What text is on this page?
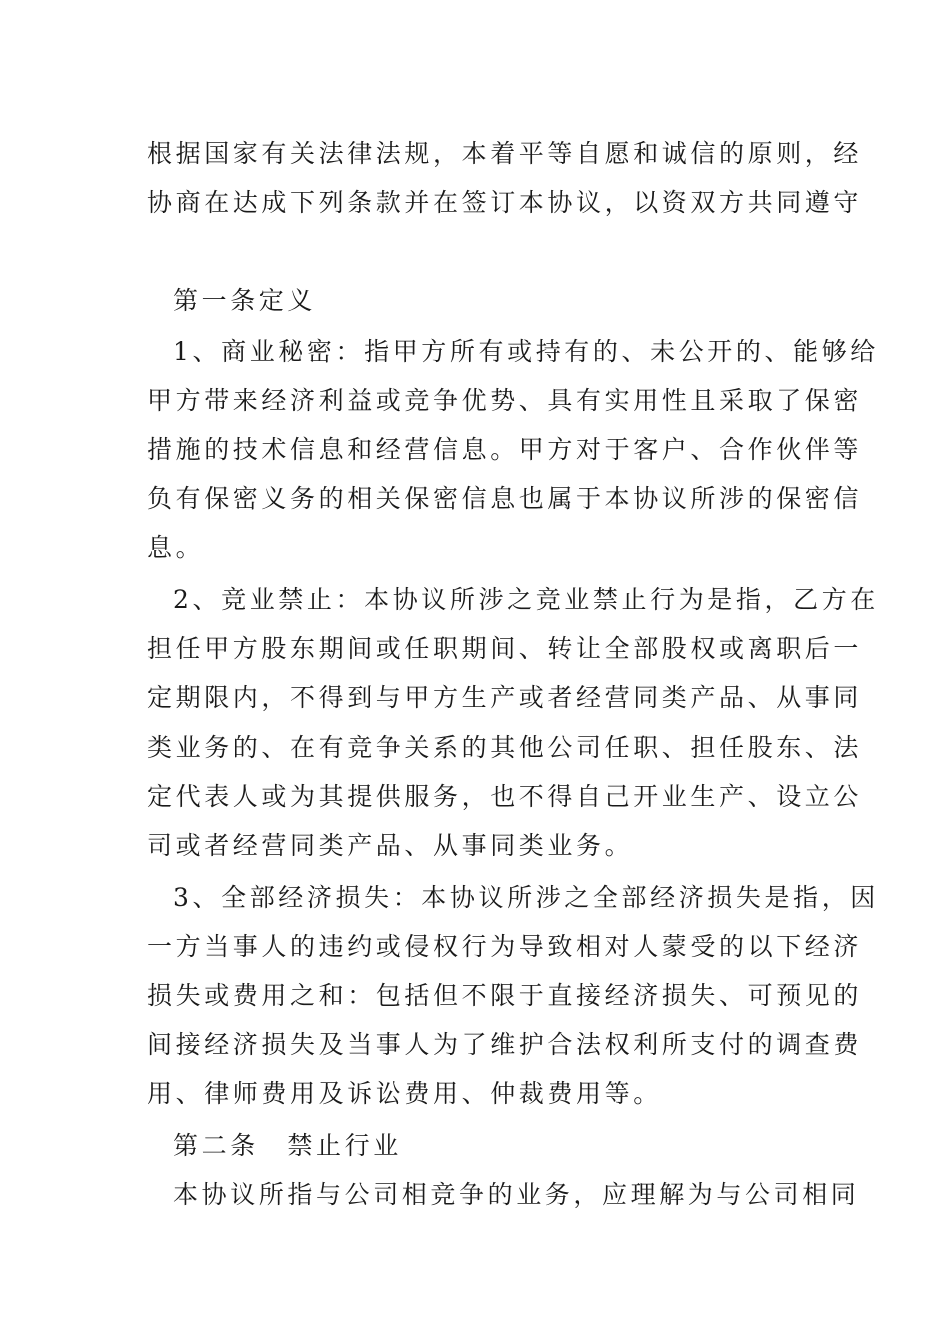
根据国家有关法律法规，本着平等自愿和诚信的原则，经
协商在达成下列条款并在签订本协议，以资双方共同遵守
第一条定义
1、商业秘密：指甲方所有或持有的、未公开的、能够给
甲方带来经济利益或竞争优势、具有实用性且采取了保密
措施的技术信息和经营信息。甲方对于客户、合作伙伴等
负有保密义务的相关保密信息也属于本协议所涉的保密信
息。
2、竞业禁止：本协议所涉之竞业禁止行为是指，乙方在
担任甲方股东期间或任职期间、转让全部股权或离职后一
定期限内，不得到与甲方生产或者经营同类产品、从事同
类业务的、在有竞争关系的其他公司任职、担任股东、法
定代表人或为其提供服务，也不得自己开业生产、设立公
司或者经营同类产品、从事同类业务。
3、全部经济损失：本协议所涉之全部经济损失是指，因
一方当事人的违约或侵权行为导致相对人蒙受的以下经济
损失或费用之和：包括但不限于直接经济损失、可预见的
间接经济损失及当事人为了维护合法权利所支付的调查费
用、律师费用及诉讼费用、仲裁费用等。
第二条　禁止行业
本协议所指与公司相竞争的业务，应理解为与公司相同
